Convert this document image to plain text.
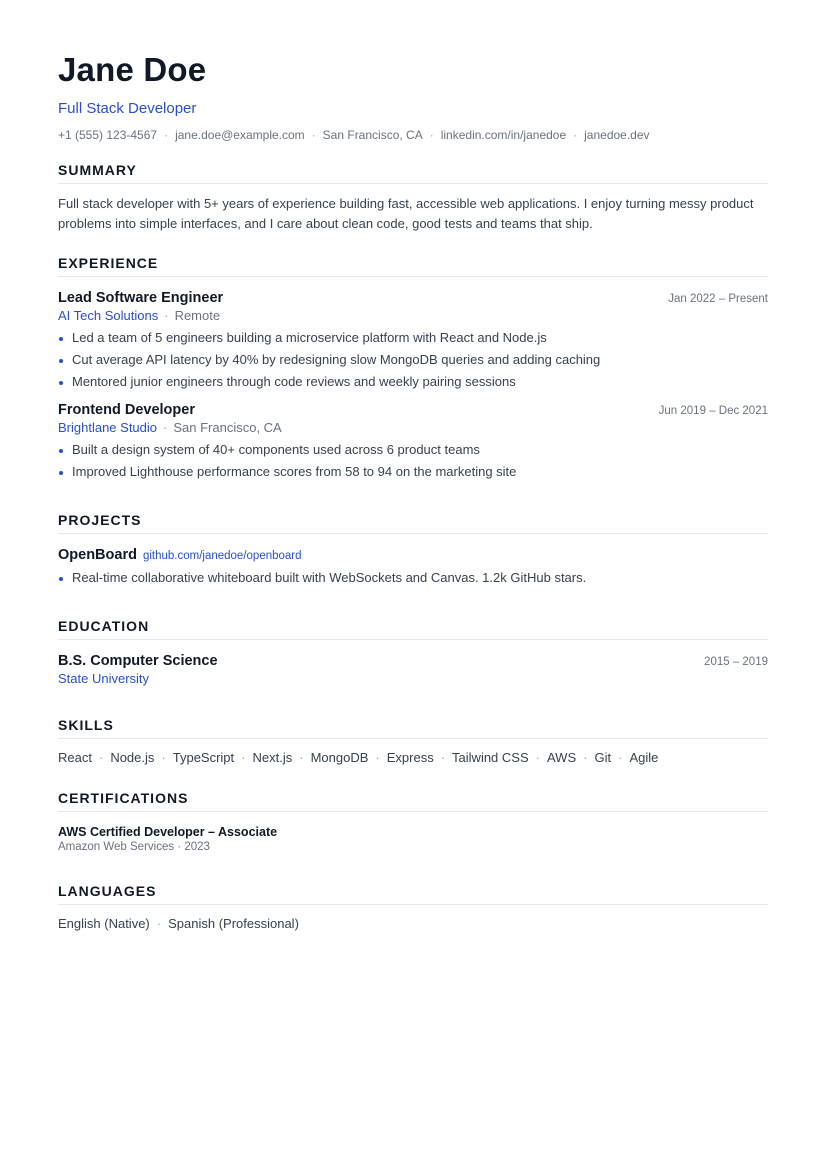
Jane Doe
Full Stack Developer
+1 (555) 123-4567 · jane.doe@example.com · San Francisco, CA · linkedin.com/in/janedoe · janedoe.dev
SUMMARY
Full stack developer with 5+ years of experience building fast, accessible web applications. I enjoy turning messy product problems into simple interfaces, and I care about clean code, good tests and teams that ship.
EXPERIENCE
Lead Software Engineer	Jan 2022 – Present
AI Tech Solutions · Remote
Led a team of 5 engineers building a microservice platform with React and Node.js
Cut average API latency by 40% by redesigning slow MongoDB queries and adding caching
Mentored junior engineers through code reviews and weekly pairing sessions
Frontend Developer	Jun 2019 – Dec 2021
Brightlane Studio · San Francisco, CA
Built a design system of 40+ components used across 6 product teams
Improved Lighthouse performance scores from 58 to 94 on the marketing site
PROJECTS
OpenBoard github.com/janedoe/openboard
Real-time collaborative whiteboard built with WebSockets and Canvas. 1.2k GitHub stars.
EDUCATION
B.S. Computer Science	2015 – 2019
State University
SKILLS
React · Node.js · TypeScript · Next.js · MongoDB · Express · Tailwind CSS · AWS · Git · Agile
CERTIFICATIONS
AWS Certified Developer – Associate
Amazon Web Services · 2023
LANGUAGES
English (Native) · Spanish (Professional)
